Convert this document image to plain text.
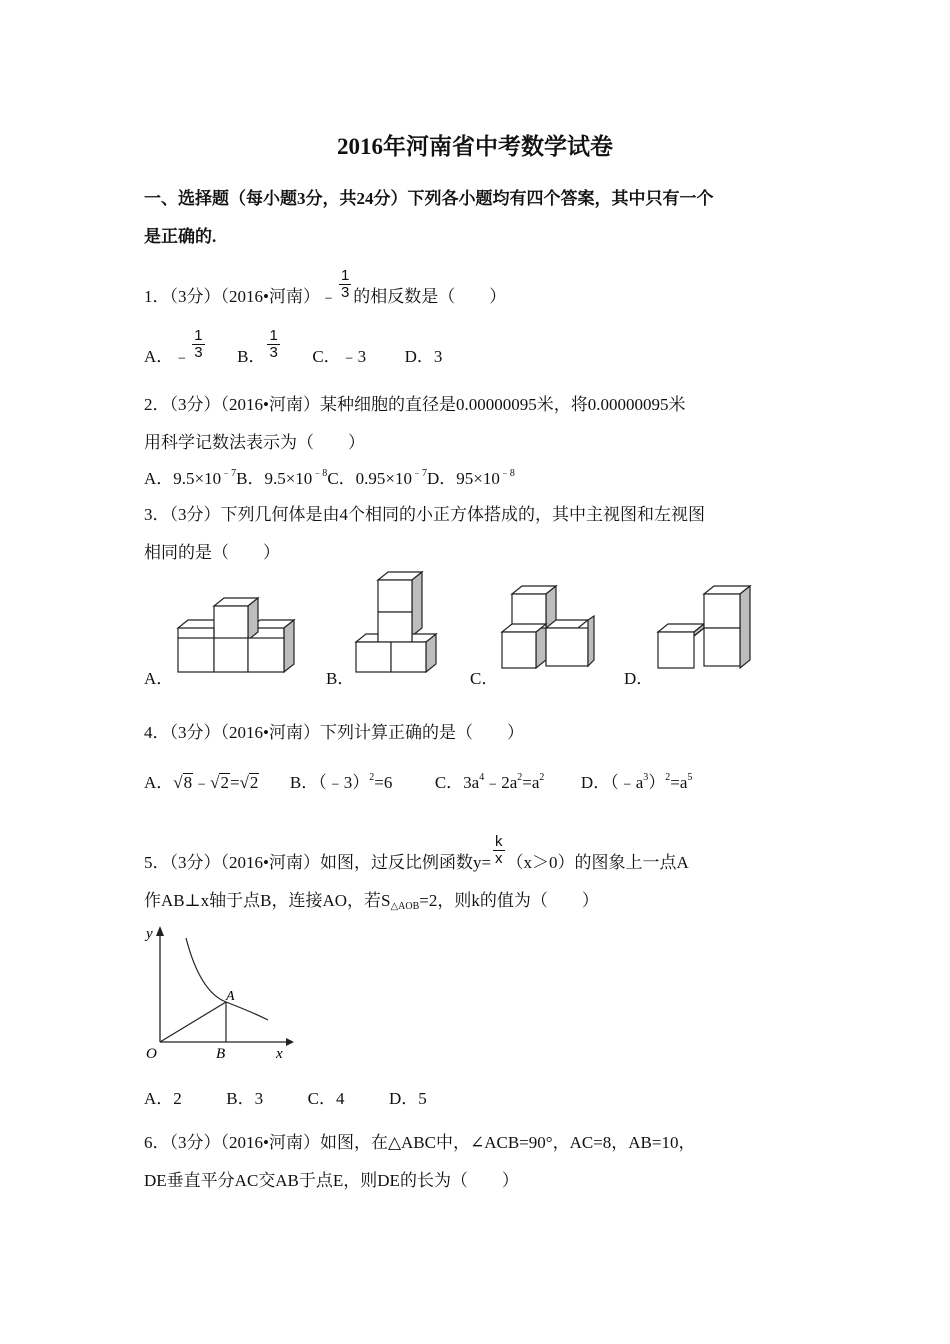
2016年河南省中考数学试卷
一、选择题（每小题3分，共24分）下列各小题均有四个答案，其中只有一个
是正确的.
1．（3分）（2016•河南）﹣ $\frac{1}{3}$ 的相反数是（　　）
A．﹣ $\frac{1}{3}$ B． $\frac{1}{3}$ C．﹣3 D．3
2．（3分）（2016•河南）某种细胞的直径是0.00000095米，将0.00000095米
用科学记数法表示为（　　）
A．$9.5\times 10^{﹣7}B$．$9.5\times 10^{﹣8}C$．$0.95\times 10^{﹣7}D$．$95\times 10^{﹣8}$
3．（3分）下列几何体是由4个相同的小正方体搭成的，其中主视图和左视图
相同的是（　　）
A．	B．	C．	D．
4．（3分）（2016•河南）下列计算正确的是（　　）
A．√8﹣√2=√2 B．（﹣3）$^2$=6	C．$3a^4﹣2a^2=a^2$ D．$(﹣a^3)^2=a^5$
5．（3分）（2016•河南）如图，过反比例函数$y= \frac{k}{x} (x>0)$的图象上一点A
作AB⊥x轴于点B，连接AO，若$S_{\triangle AOB}=2$，则k的值为（　　）
y
x
O
A
B
A．2	B．3	C．4	D．5
6．（3分）（2016•河南）如图，在△ABC中，∠ACB=90°，AC=8，AB=10，
DE垂直平分AC交AB于点E，则DE的长为（　　）
